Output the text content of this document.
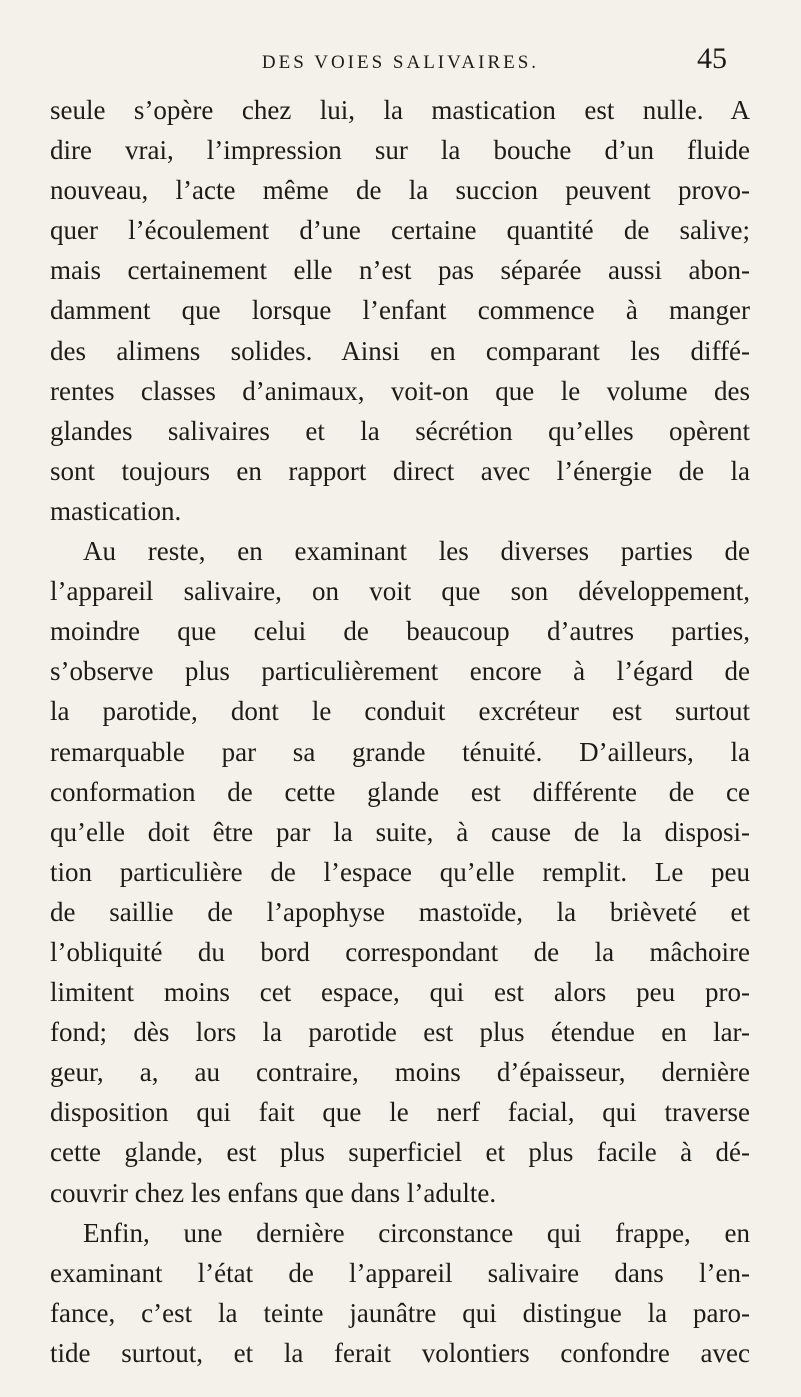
DES VOIES SALIVAIRES.	45
seule s’opère chez lui, la mastication est nulle. A
dire vrai, l’impression sur la bouche d’un fluide
nouveau, l’acte même de la succion peuvent provo-
quer l’écoulement d’une certaine quantité de salive;
mais certainement elle n’est pas séparée aussi abon-
damment que lorsque l’enfant commence à manger
des alimens solides. Ainsi en comparant les diffé-
rentes classes d’animaux, voit-on que le volume des
glandes salivaires et la sécrétion qu’elles opèrent
sont toujours en rapport direct avec l’énergie de la
mastication.
Au reste, en examinant les diverses parties de
l’appareil salivaire, on voit que son développement,
moindre que celui de beaucoup d’autres parties,
s’observe plus particulièrement encore à l’égard de
la parotide, dont le conduit excréteur est surtout
remarquable par sa grande ténuité. D’ailleurs, la
conformation de cette glande est différente de ce
qu’elle doit être par la suite, à cause de la disposi-
tion particulière de l’espace qu’elle remplit. Le peu
de saillie de l’apophyse mastoïde, la brièveté et
l’obliquité du bord correspondant de la mâchoire
limitent moins cet espace, qui est alors peu pro-
fond; dès lors la parotide est plus étendue en lar-
geur, a, au contraire, moins d’épaisseur, dernière
disposition qui fait que le nerf facial, qui traverse
cette glande, est plus superficiel et plus facile à dé-
couvrir chez les enfans que dans l’adulte.
Enfin, une dernière circonstance qui frappe, en
examinant l’état de l’appareil salivaire dans l’en-
fance, c’est la teinte jaunâtre qui distingue la paro-
tide surtout, et la ferait volontiers confondre avec
